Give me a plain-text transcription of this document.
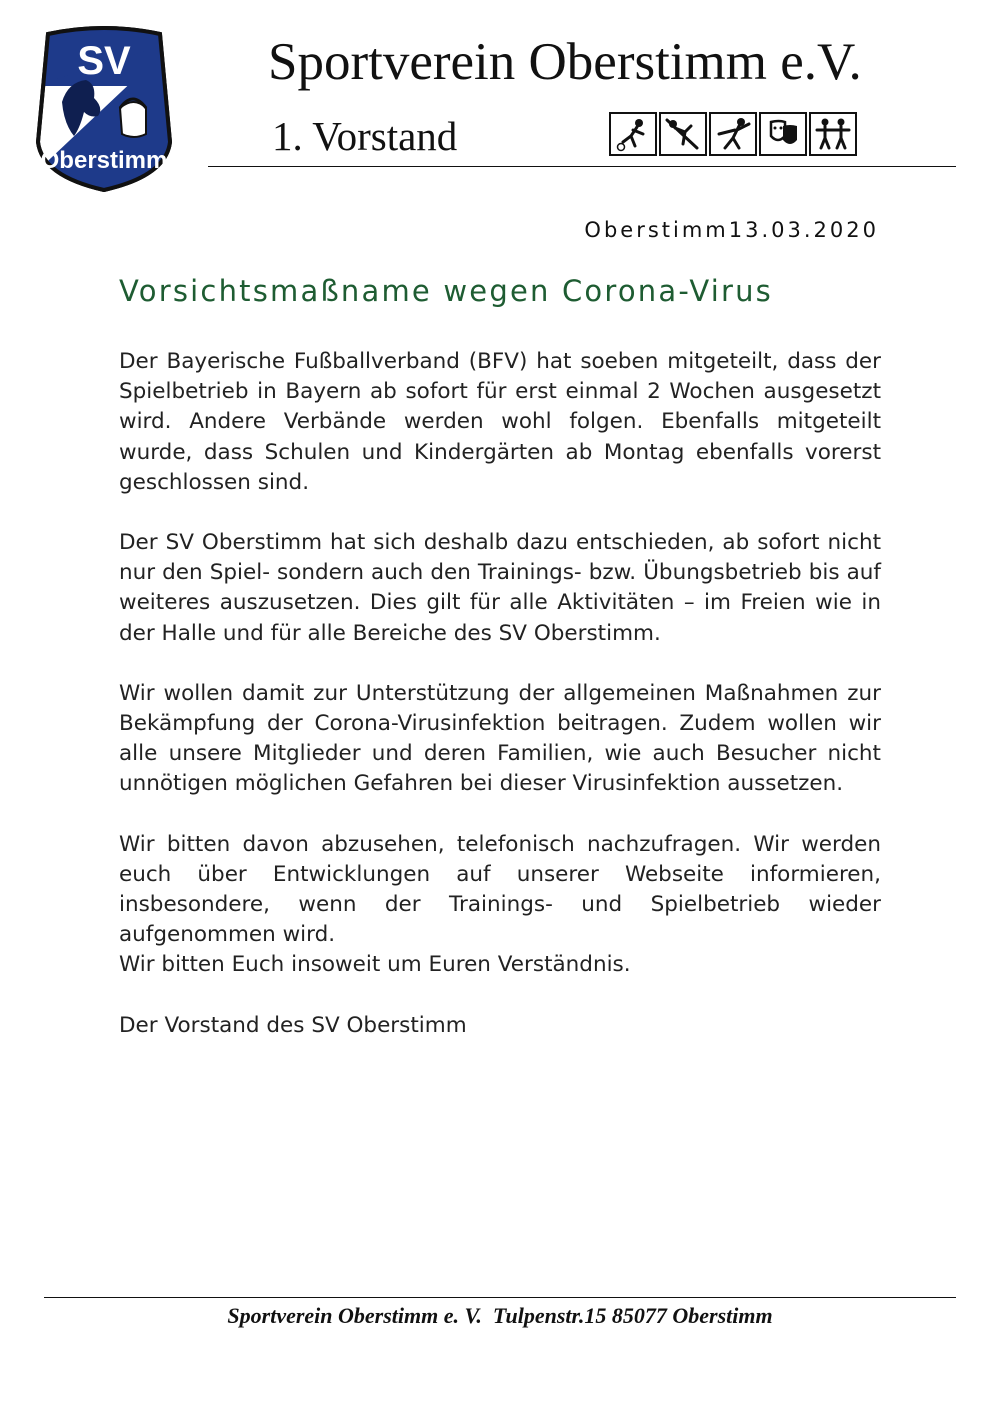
SV
Oberstimm
Sportverein Oberstimm e.V.
1. Vorstand
Oberstimm13.03.2020
Vorsichtsmaßname wegen Corona-Virus

Der Bayerische Fußballverband (BFV) hat soeben mitgeteilt, dass der Spielbetrieb in Bayern ab sofort für erst einmal 2 Wochen ausgesetzt wird. Andere Verbände werden wohl folgen. Ebenfalls mitgeteilt wurde, dass Schulen und Kindergärten ab Montag ebenfalls vorerst geschlossen sind.

Der SV Oberstimm hat sich deshalb dazu entschieden, ab sofort nicht nur den Spiel- sondern auch den Trainings- bzw. Übungsbetrieb bis auf weiteres auszusetzen. Dies gilt für alle Aktivitäten – im Freien wie in der Halle und für alle Bereiche des SV Oberstimm.

Wir wollen damit zur Unterstützung der allgemeinen Maßnahmen zur Bekämpfung der Corona-Virusinfektion beitragen. Zudem wollen wir alle unsere Mitglieder und deren Familien, wie auch Besucher nicht unnötigen möglichen Gefahren bei dieser Virusinfektion aussetzen.

Wir bitten davon abzusehen, telefonisch nachzufragen. Wir werden euch über Entwicklungen auf unserer Webseite informieren, insbesondere, wenn der Trainings- und Spielbetrieb wieder aufgenommen wird.
Wir bitten Euch insoweit um Euren Verständnis.

Der Vorstand des SV Oberstimm

Sportverein Oberstimm e. V.  Tulpenstr.15 85077 Oberstimm
